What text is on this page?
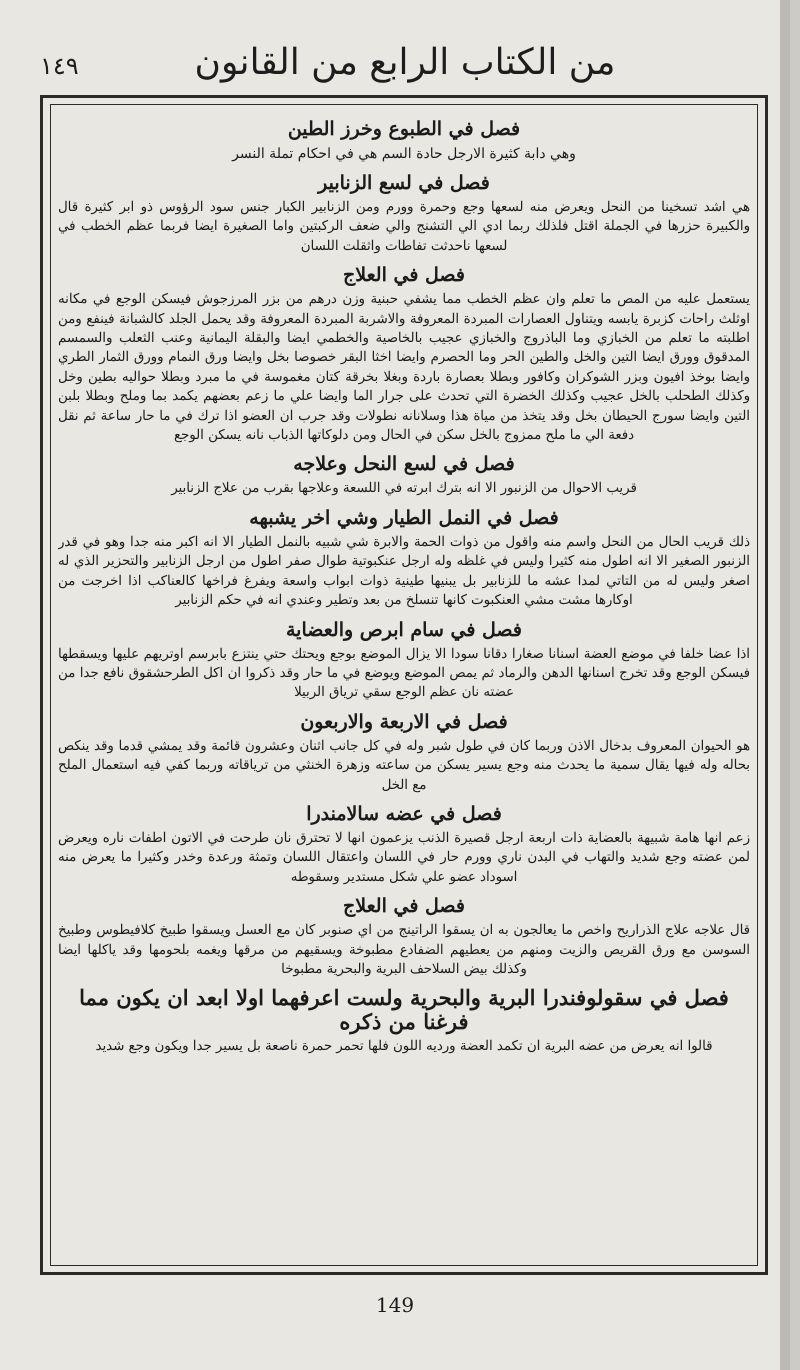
من الكتاب الرابع من القانون
١٤٩
فصل في الطبوع وخرز الطين
وهي دابة كثيرة الارجل حادة السم هي في احكام تملة النسر
فصل في لسع الزنابير
هي اشد تسخينا من النحل ويعرض منه لسعها وجع وحمرة وورم ومن الزنابير الكبار جنس سود الرؤوس ذو ابر كثيرة قال والكبيرة حزرها في الجملة اقتل فلذلك ربما ادي الي التشنج والي ضعف الركبتين واما الصغيرة ايضا فربما عظم الخطب في لسعها ناحدثت تفاطات واثقلت اللسان
فصل في العلاج
يستعمل عليه من المص ما تعلم وان عظم الخطب مما يشفي حبنية وزن درهم من بزر المرزجوش فيسكن الوجع في مكانه اوثلث راحات كزبرة يابسه ويتناول العصارات المبردة المعروفة والاشربة المبردة المعروفة وقد يحمل الجلد كالشبانة فينفع ومن اطلبته ما تعلم من الخبازي وما الباذروج والخبازي عجيب بالخاصية والخطمي ايضا والبقلة اليمانية وعنب الثعلب والسمسم المدقوق وورق ايضا التين والخل والطين الحر وما الحصرم وايضا اخثا البقر خصوصا بخل وايضا ورق النمام وورق الثمار الطري وايضا بوخذ افيون وبزر الشوكران وكافور وبطلا بعصارة باردة وبغلا بخرقة كتان مغموسة في ما مبرد وبطلا حواليه بطين وخل وكذلك الطحلب بالخل عجيب وكذلك الخضرة التي تحدث على جرار الما وايضا علي ما زعم بعضهم يكمد بما وملح وبطلا بلبن التين وايضا سورج الحيطان بخل وقد يتخذ من مياة هذا وسلانانه نطولات وقد جرب ان العضو اذا ترك في ما حار ساعة ثم نقل دفعة الي ما ملح ممزوج بالخل سكن في الحال ومن دلوكاتها الذباب نانه يسكن الوجع
فصل في لسع النحل وعلاجه
قريب الاحوال من الزنبور الا انه بترك ابرته في اللسعة وعلاجها بقرب من علاج الزنابير
فصل في النمل الطيار وشي اخر يشبهه
ذلك قريب الحال من النحل واسم منه واقول من ذوات الحمة والابرة شي شبيه بالنمل الطيار الا انه اكبر منه جدا وهو في قدر الزنبور الصغير الا انه اطول منه كثيرا وليس في غلظه وله ارجل عنكبوتية طوال صفر اطول من ارجل الزنابير والتحزير الذي له اصغر وليس له من التاتي لمدا عشه ما للزنابير بل يبنيها طينية ذوات ابواب واسعة ويفرغ فراخها كالعناكب اذا اخرجت من اوكارها مشت مشي العنكبوت كانها تنسلخ من بعد وتطير وعندي انه في حكم الزنابير
فصل في سام ابرص والعضاية
اذا عضا خلفا في موضع العضة اسنانا صغارا دقانا سودا الا يزال الموضع بوجع ويحتك حتي ينتزع بابرسم اوتريهم عليها ويسقطها فيسكن الوجع وقد تخرج اسنانها الدهن والرماد ثم يمص الموضع ويوضع في ما حار وقد ذكروا ان اكل الطرحشقوق نافع جدا من عضته نان عظم الوجع سقي ترياق الربيلا
فصل في الاربعة والاربعون
هو الحيوان المعروف بدخال الاذن وربما كان في طول شبر وله في كل جانب اثنان وعشرون قائمة وقد يمشي قدما وقد ينكص بحاله وله فيها يقال سمية ما يحدث منه وجع يسير يسكن من ساعته وزهرة الخنثي من ترياقاته وربما كفي فيه استعمال الملح مع الخل
فصل في عضه سالامندرا
زعم انها هامة شبيهة بالعضاية ذات اربعة ارجل قصيرة الذنب يزعمون انها لا تحترق نان طرحت في الاتون اطفات ناره ويعرض لمن عضته وجع شديد والتهاب في البدن ناري وورم حار في اللسان واعتقال اللسان وتمثة ورعدة وخدر وكثيرا ما يعرض منه اسوداد عضو علي شكل مستدير وسقوطه
فصل في العلاج
قال علاجه علاج الذراريح واخص ما يعالجون به ان يسقوا الراتينج من اي صنوبر كان مع العسل ويسقوا طبيخ كلافيطوس وطبيخ السوسن مع ورق القريص والزيت ومنهم من يعطيهم الضفادع مطبوخة ويسقيهم من مرقها ويغمه بلحومها وقد ياكلها ايضا وكذلك بيض السلاحف البرية والبحرية مطبوخا
فصل في سقولوفندرا البرية والبحرية ولست اعرفهما اولا ابعد ان يكون مما فرغنا من ذكره
قالوا انه يعرض من عضه البرية ان تكمد العضة ورديه اللون فلها تحمر حمرة ناصعة بل يسير جدا ويكون وجع شديد
149
